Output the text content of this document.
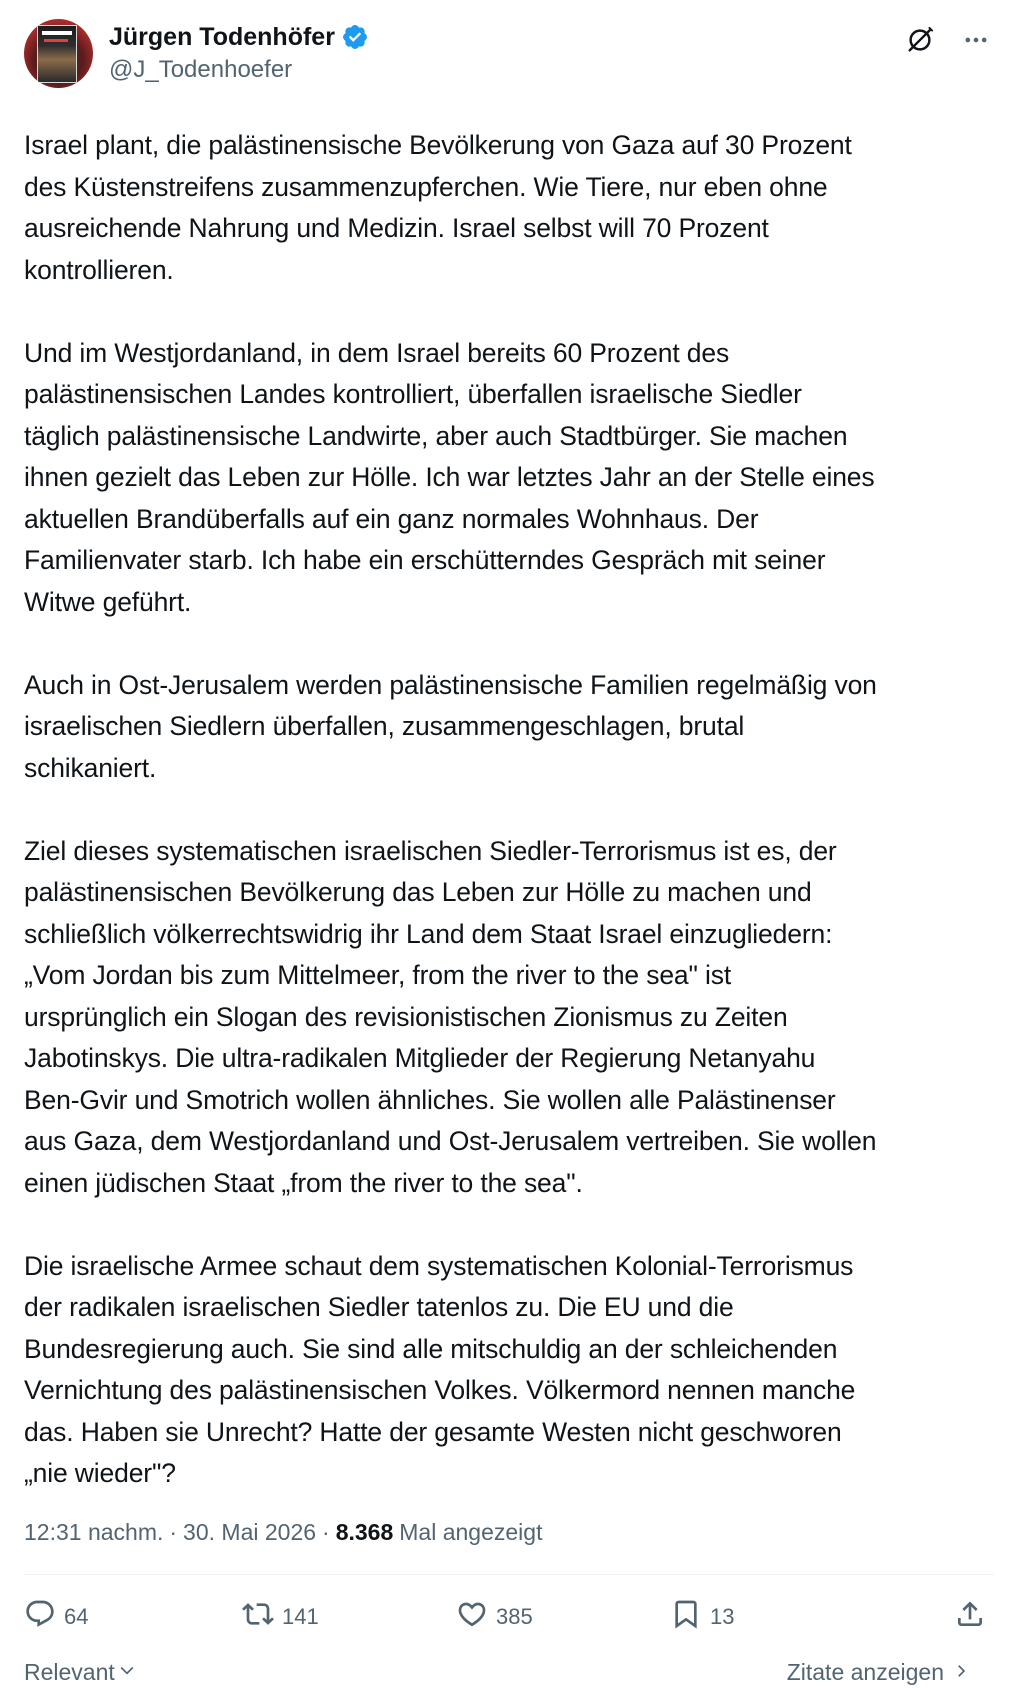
Jürgen Todenhöfer
@J_Todenhoefer
Israel plant, die palästinensische Bevölkerung von Gaza auf 30 Prozent
des Küstenstreifens zusammenzupferchen. Wie Tiere, nur eben ohne
ausreichende Nahrung und Medizin. Israel selbst will 70 Prozent
kontrollieren.

Und im Westjordanland, in dem Israel bereits 60 Prozent des
palästinensischen Landes kontrolliert, überfallen israelische Siedler
täglich palästinensische Landwirte, aber auch Stadtbürger. Sie machen
ihnen gezielt das Leben zur Hölle. Ich war letztes Jahr an der Stelle eines
aktuellen Brandüberfalls auf ein ganz normales Wohnhaus. Der
Familienvater starb. Ich habe ein erschütterndes Gespräch mit seiner
Witwe geführt.

Auch in Ost-Jerusalem werden palästinensische Familien regelmäßig von
israelischen Siedlern überfallen, zusammengeschlagen, brutal
schikaniert.

Ziel dieses systematischen israelischen Siedler-Terrorismus ist es, der
palästinensischen Bevölkerung das Leben zur Hölle zu machen und
schließlich völkerrechtswidrig ihr Land dem Staat Israel einzugliedern:
„Vom Jordan bis zum Mittelmeer, from the river to the sea" ist
ursprünglich ein Slogan des revisionistischen Zionismus zu Zeiten
Jabotinskys. Die ultra-radikalen Mitglieder der Regierung Netanyahu
Ben-Gvir und Smotrich wollen ähnliches. Sie wollen alle Palästinenser
aus Gaza, dem Westjordanland und Ost-Jerusalem vertreiben. Sie wollen
einen jüdischen Staat „from the river to the sea".

Die israelische Armee schaut dem systematischen Kolonial-Terrorismus
der radikalen israelischen Siedler tatenlos zu. Die EU und die
Bundesregierung auch. Sie sind alle mitschuldig an der schleichenden
Vernichtung des palästinensischen Volkes. Völkermord nennen manche
das. Haben sie Unrecht? Hatte der gesamte Westen nicht geschworen
„nie wieder"?
12:31 nachm. · 30. Mai 2026 · 8.368 Mal angezeigt
64	141	385	13
Relevant	Zitate anzeigen
